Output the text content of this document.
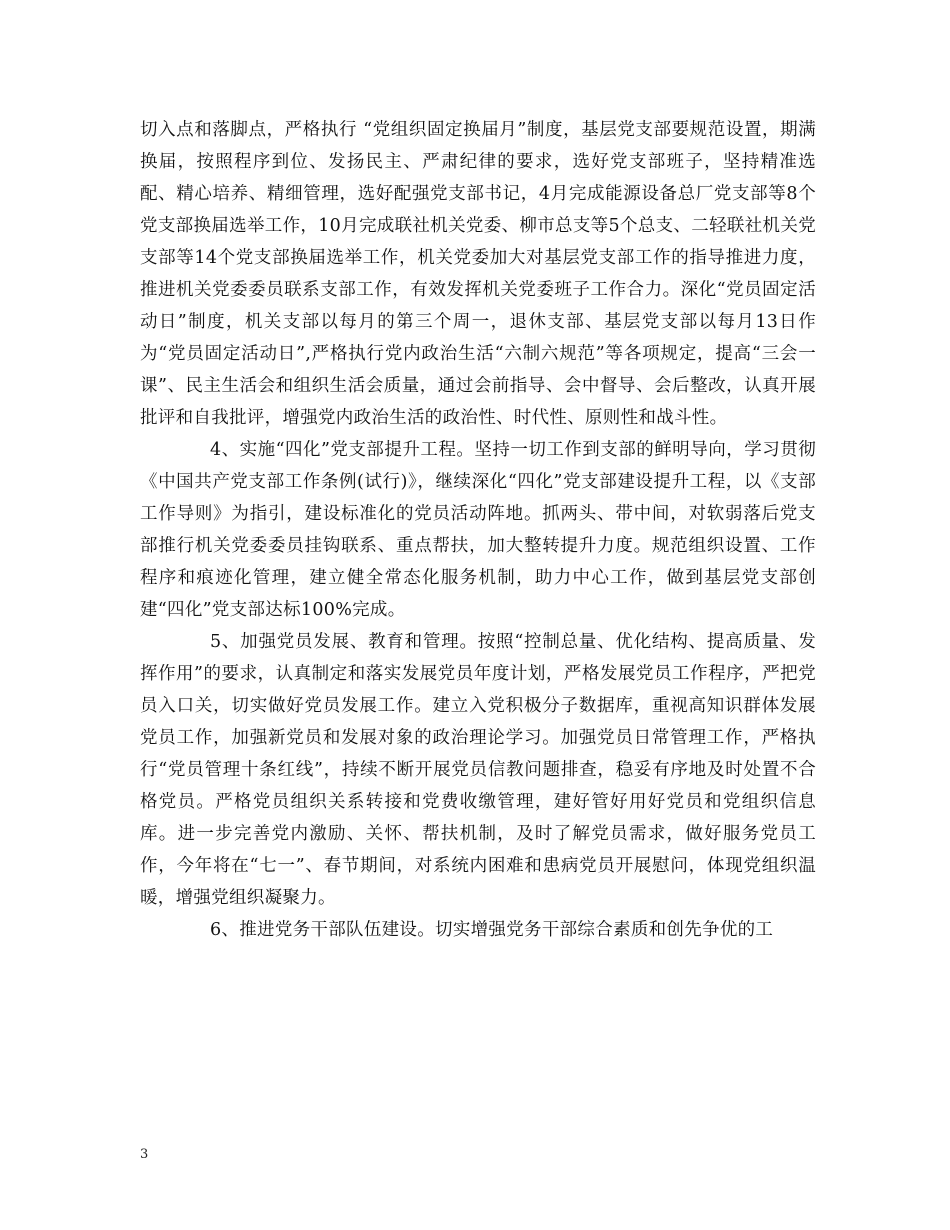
切入点和落脚点，严格执行 “党组织固定换届月”制度，基层党支部要规范设置，期满换届，按照程序到位、发扬民主、严肃纪律的要求，选好党支部班子，坚持精准选配、精心培养、精细管理，选好配强党支部书记，4月完成能源设备总厂党支部等8个党支部换届选举工作，10月完成联社机关党委、柳市总支等5个总支、二轻联社机关党支部等14个党支部换届选举工作，机关党委加大对基层党支部工作的指导推进力度，推进机关党委委员联系支部工作，有效发挥机关党委班子工作合力。深化“党员固定活动日”制度，机关支部以每月的第三个周一，退休支部、基层党支部以每月13日作为“党员固定活动日”,严格执行党内政治生活“六制六规范”等各项规定，提高“三会一课”、民主生活会和组织生活会质量，通过会前指导、会中督导、会后整改，认真开展批评和自我批评，增强党内政治生活的政治性、时代性、原则性和战斗性。

4、实施“四化”党支部提升工程。坚持一切工作到支部的鲜明导向，学习贯彻《中国共产党支部工作条例(试行)》，继续深化“四化”党支部建设提升工程，以《支部工作导则》为指引，建设标准化的党员活动阵地。抓两头、带中间，对软弱落后党支部推行机关党委委员挂钩联系、重点帮扶，加大整转提升力度。规范组织设置、工作程序和痕迹化管理，建立健全常态化服务机制，助力中心工作，做到基层党支部创建“四化”党支部达标100%完成。

5、加强党员发展、教育和管理。按照“控制总量、优化结构、提高质量、发挥作用”的要求，认真制定和落实发展党员年度计划，严格发展党员工作程序，严把党员入口关，切实做好党员发展工作。建立入党积极分子数据库，重视高知识群体发展党员工作，加强新党员和发展对象的政治理论学习。加强党员日常管理工作，严格执行“党员管理十条红线”，持续不断开展党员信教问题排查，稳妥有序地及时处置不合格党员。严格党员组织关系转接和党费收缴管理，建好管好用好党员和党组织信息库。进一步完善党内激励、关怀、帮扶机制，及时了解党员需求，做好服务党员工作，今年将在“七一”、春节期间，对系统内困难和患病党员开展慰问，体现党组织温暖，增强党组织凝聚力。

6、推进党务干部队伍建设。切实增强党务干部综合素质和创先争优的工

3
